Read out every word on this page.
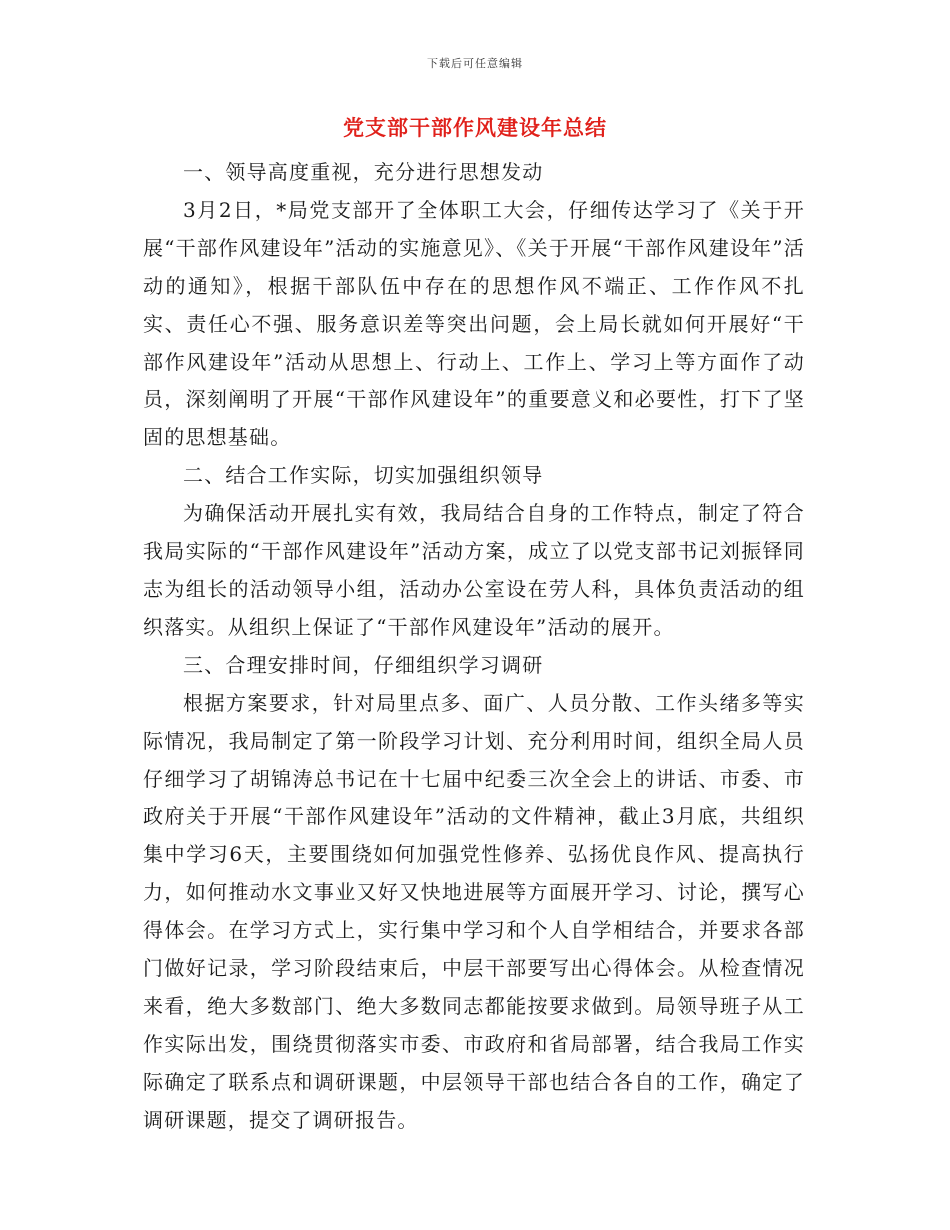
下载后可任意编辑
党支部干部作风建设年总结

一、领导高度重视，充分进行思想发动

3月2日，*局党支部开了全体职工大会，仔细传达学习了《关于开展“干部作风建设年”活动的实施意见》、《关于开展“干部作风建设年”活动的通知》，根据干部队伍中存在的思想作风不端正、工作作风不扎实、责任心不强、服务意识差等突出问题，会上局长就如何开展好“干部作风建设年”活动从思想上、行动上、工作上、学习上等方面作了动员，深刻阐明了开展“干部作风建设年”的重要意义和必要性，打下了坚固的思想基础。

二、结合工作实际，切实加强组织领导

为确保活动开展扎实有效，我局结合自身的工作特点，制定了符合我局实际的“干部作风建设年”活动方案，成立了以党支部书记刘振铎同志为组长的活动领导小组，活动办公室设在劳人科，具体负责活动的组织落实。从组织上保证了“干部作风建设年”活动的展开。

三、合理安排时间，仔细组织学习调研

根据方案要求，针对局里点多、面广、人员分散、工作头绪多等实际情况，我局制定了第一阶段学习计划、充分利用时间，组织全局人员仔细学习了胡锦涛总书记在十七届中纪委三次全会上的讲话、市委、市政府关于开展“干部作风建设年”活动的文件精神，截止3月底，共组织集中学习6天，主要围绕如何加强党性修养、弘扬优良作风、提高执行力，如何推动水文事业又好又快地进展等方面展开学习、讨论，撰写心得体会。在学习方式上，实行集中学习和个人自学相结合，并要求各部门做好记录，学习阶段结束后，中层干部要写出心得体会。从检查情况来看，绝大多数部门、绝大多数同志都能按要求做到。局领导班子从工作实际出发，围绕贯彻落实市委、市政府和省局部署，结合我局工作实际确定了联系点和调研课题，中层领导干部也结合各自的工作，确定了调研课题，提交了调研报告。
